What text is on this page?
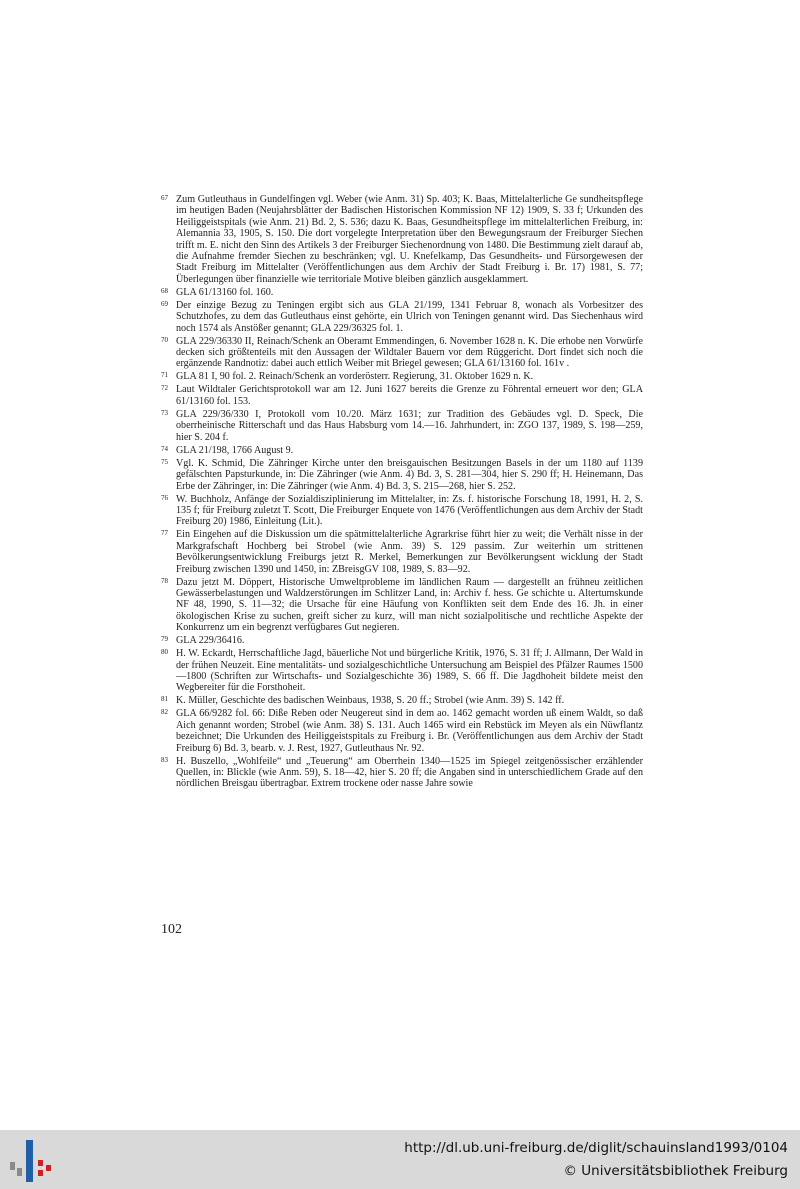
67 Zum Gutleuthaus in Gundelfingen vgl. Weber (wie Anm. 31) Sp. 403; K. Baas, Mittelalterliche Ge sundheitspflege im heutigen Baden (Neujahrsblätter der Badischen Historischen Kommission NF 12) 1909, S. 33 f; Urkunden des Heiliggeistspitals (wie Anm. 21) Bd. 2, S. 536; dazu K. Baas, Gesundheitspflege im mittelalterlichen Freiburg, in: Alemannia 33, 1905, S. 150. Die dort vorgelegte Interpretation über den Bewegungsraum der Freiburger Siechen trifft m. E. nicht den Sinn des Artikels 3 der Freiburger Siechenordnung von 1480. Die Bestimmung zielt darauf ab, die Aufnahme fremder Siechen zu beschränken; vgl. U. Knefelkamp, Das Gesundheits- und Fürsorgewesen der Stadt Freiburg im Mittelalter (Veröffentlichungen aus dem Archiv der Stadt Freiburg i. Br. 17) 1981, S. 77; Überlegungen über finanzielle wie territoriale Motive bleiben gänzlich ausgeklammert.

68 GLA 61/13160 fol. 160.

69 Der einzige Bezug zu Teningen ergibt sich aus GLA 21/199, 1341 Februar 8, wonach als Vorbesitzer des Schutzhofes, zu dem das Gutleuthaus einst gehörte, ein Ulrich von Teningen genannt wird. Das Siechenhaus wird noch 1574 als Anstößer genannt; GLA 229/36325 fol. 1.

70 GLA 229/36330 II, Reinach/Schenk an Oberamt Emmendingen, 6. November 1628 n. K. Die erhobe nen Vorwürfe decken sich größtenteils mit den Aussagen der Wildtaler Bauern vor dem Rüggericht. Dort findet sich noch die ergänzende Randnotiz: dabei auch ettlich Weiber mit Briegel gewesen; GLA 61/13160 fol. 161v .

71 GLA 81 I, 90 fol. 2. Reinach/Schenk an vorderösterr. Regierung, 31. Oktober 1629 n. K.

72 Laut Wildtaler Gerichtsprotokoll war am 12. Juni 1627 bereits die Grenze zu Föhrental erneuert wor den; GLA 61/13160 fol. 153.

73 GLA 229/36/330 I, Protokoll vom 10./20. März 1631; zur Tradition des Gebäudes vgl. D. Speck, Die oberrheinische Ritterschaft und das Haus Habsburg vom 14.—16. Jahrhundert, in: ZGO 137, 1989, S. 198—259, hier S. 204 f.

74 GLA 21/198, 1766 August 9.

75 Vgl. K. Schmid, Die Zähringer Kirche unter den breisgauischen Besitzungen Basels in der um 1180 auf 1139 gefälschten Papsturkunde, in: Die Zähringer (wie Anm. 4) Bd. 3, S. 281—304, hier S. 290 ff; H. Heinemann, Das Erbe der Zähringer, in: Die Zähringer (wie Anm. 4) Bd. 3, S. 215—268, hier S. 252.

76 W. Buchholz, Anfänge der Sozialdisziplinierung im Mittelalter, in: Zs. f. historische Forschung 18, 1991, H. 2, S. 135 f; für Freiburg zuletzt T. Scott, Die Freiburger Enquete von 1476 (Veröffentlichungen aus dem Archiv der Stadt Freiburg 20) 1986, Einleitung (Lit.).

77 Ein Eingehen auf die Diskussion um die spätmittelalterliche Agrarkrise führt hier zu weit; die Verhält nisse in der Markgrafschaft Hochberg bei Strobel (wie Anm. 39) S. 129 passim. Zur weiterhin um strittenen Bevölkerungsentwicklung Freiburgs jetzt R. Merkel, Bemerkungen zur Bevölkerungsent wicklung der Stadt Freiburg zwischen 1390 und 1450, in: ZBreisgGV 108, 1989, S. 83—92.

78 Dazu jetzt M. Döppert, Historische Umweltprobleme im ländlichen Raum — dargestellt an frühneu zeitlichen Gewässerbelastungen und Waldzerstörungen im Schlitzer Land, in: Archiv f. hess. Ge schichte u. Altertumskunde NF 48, 1990, S. 11—32; die Ursache für eine Häufung von Konflikten seit dem Ende des 16. Jh. in einer ökologischen Krise zu suchen, greift sicher zu kurz, will man nicht sozialpolitische und rechtliche Aspekte der Konkurrenz um ein begrenzt verfügbares Gut negieren.

79 GLA 229/36416.

80 H. W. Eckardt, Herrschaftliche Jagd, bäuerliche Not und bürgerliche Kritik, 1976, S. 31 ff; J. Allmann, Der Wald in der frühen Neuzeit. Eine mentalitäts- und sozialgeschichtliche Untersuchung am Beispiel des Pfälzer Raumes 1500—1800 (Schriften zur Wirtschafts- und Sozialgeschichte 36) 1989, S. 66 ff. Die Jagdhoheit bildete meist den Wegbereiter für die Forsthoheit.

81 K. Müller, Geschichte des badischen Weinbaus, 1938, S. 20 ff.; Strobel (wie Anm. 39) S. 142 ff.

82 GLA 66/9282 fol. 66: Diße Reben oder Neugereut sind in dem ao. 1462 gemacht worden uß einem Waldt, so daß Aich genannt worden; Strobel (wie Anm. 38) S. 131. Auch 1465 wird ein Rebstück im Meyen als ein Nüwflantz bezeichnet; Die Urkunden des Heiliggeistspitals zu Freiburg i. Br. (Veröffentlichungen aus dem Archiv der Stadt Freiburg 6) Bd. 3, bearb. v. J. Rest, 1927, Gutleuthaus Nr. 92.

83 H. Buszello, „Wohlfeile“ und „Teuerung“ am Oberrhein 1340—1525 im Spiegel zeitgenössischer erzählender Quellen, in: Blickle (wie Anm. 59), S. 18—42, hier S. 20 ff; die Angaben sind in unterschiedlichem Grade auf den nördlichen Breisgau übertragbar. Extrem trockene oder nasse Jahre sowie

102
http://dl.ub.uni-freiburg.de/diglit/schauinsland1993/0104
© Universitätsbibliothek Freiburg
